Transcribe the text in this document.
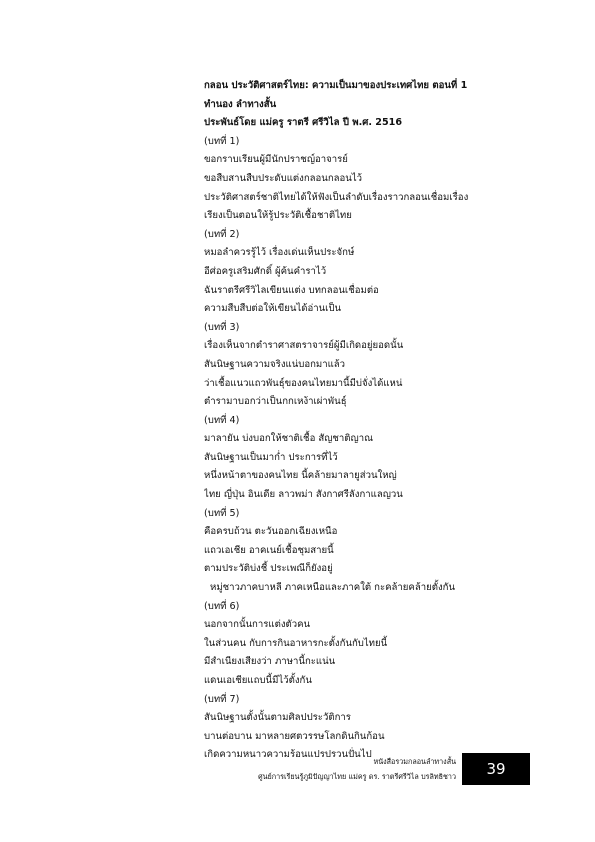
กลอน ประวัติศาสตร์ไทย: ความเป็นมาของประเทศไทย ตอนที่ 1
ทำนอง ลำทางสั้น
ประพันธ์โดย แม่ครู ราตรี ศรีวิไล ปี พ.ศ. 2516
(บทที่ 1)
ขอกราบเรียนผู้มีนักปราชญ์อาจารย์
ขอสืบสานสืบประดับแต่งกลอนกลอนไว้
ประวัติศาสตร์ชาติไทยได้ให้ฟังเป็นลำดับเรื่องราวกลอนเชื่อมเรื่อง
เรียงเป็นตอนให้รู้ประวัติเชื้อชาติไทย
(บทที่ 2)
หมอลำควรรู้ไว้ เรื่องเด่นเห็นประจักษ์
อีศ่อครูเสริมศักดิ์ ผู้ค้นคำราไว้
ฉันราตรีศรีวิไลเขียนแต่ง บทกลอนเชื่อมต่อ
ความสืบสืบต่อให้เขียนได้อ่านเป็น
(บทที่ 3)
เรื่องเห็นจากตำราศาสตราจารย์ผู้มีเกิดอยู่ยอดนั้น
สันนิษฐานความจริงแน่บอกมาแล้ว
ว่าเชื้อแนวแถวพันธุ์ของคนไทยมานี้มีบ่จั่งได้แหน่
ตำรามาบอกว่าเป็นกกเหง้าเผ่าพันธุ์
(บทที่ 4)
มาลายัน บ่งบอกให้ชาติเชื้อ สัญชาติญาณ
สันนิษฐานเป็นมาก่ำ ประการที่ไว้
หนึ่งหน้าตาของคนไทย นี้คล้ายมาลายูส่วนใหญ่
ไทย ญี่ปุ่น อินเดีย ลาวพม่า สังกาศรีลังกาแลญวน
(บทที่ 5)
คือครบถ้วน ตะวันออกเฉียงเหนือ
แถวเอเชีย อาคเนย์เชื้อชุมสายนี้
ตามประวัติบ่งชี้ ประเพณีก็ยังอยู่
หมู่ชาวภาคบาหลี ภาคเหนือและภาคใต้ กะคล้ายคล้ายตั้งกัน
(บทที่ 6)
นอกจากนั้นการแต่งตัวคน
ในส่วนคน กับการกินอาหารกะตั้งกันกับไทยนี้
มีสำเนียงเสียงว่า ภาษานี้กะแน่น
แดนเอเชียแถบนี้มีไว้ตั้งกัน
(บทที่ 7)
สันนิษฐานตั้งนั้นตามศิลปประวัติการ
บานต่อบาน มาหลายศตวรรษโลกดินกินก้อน
เกิดความหนาวความร้อนแปรปรวนปั่นไป
หนังสือรวมกลอนลำทางสั้น
ศูนย์การเรียนรู้ภูมิปัญญาไทย แม่ครู ดร. ราตรีศรีวิไล บรลิทธิชาว	39
